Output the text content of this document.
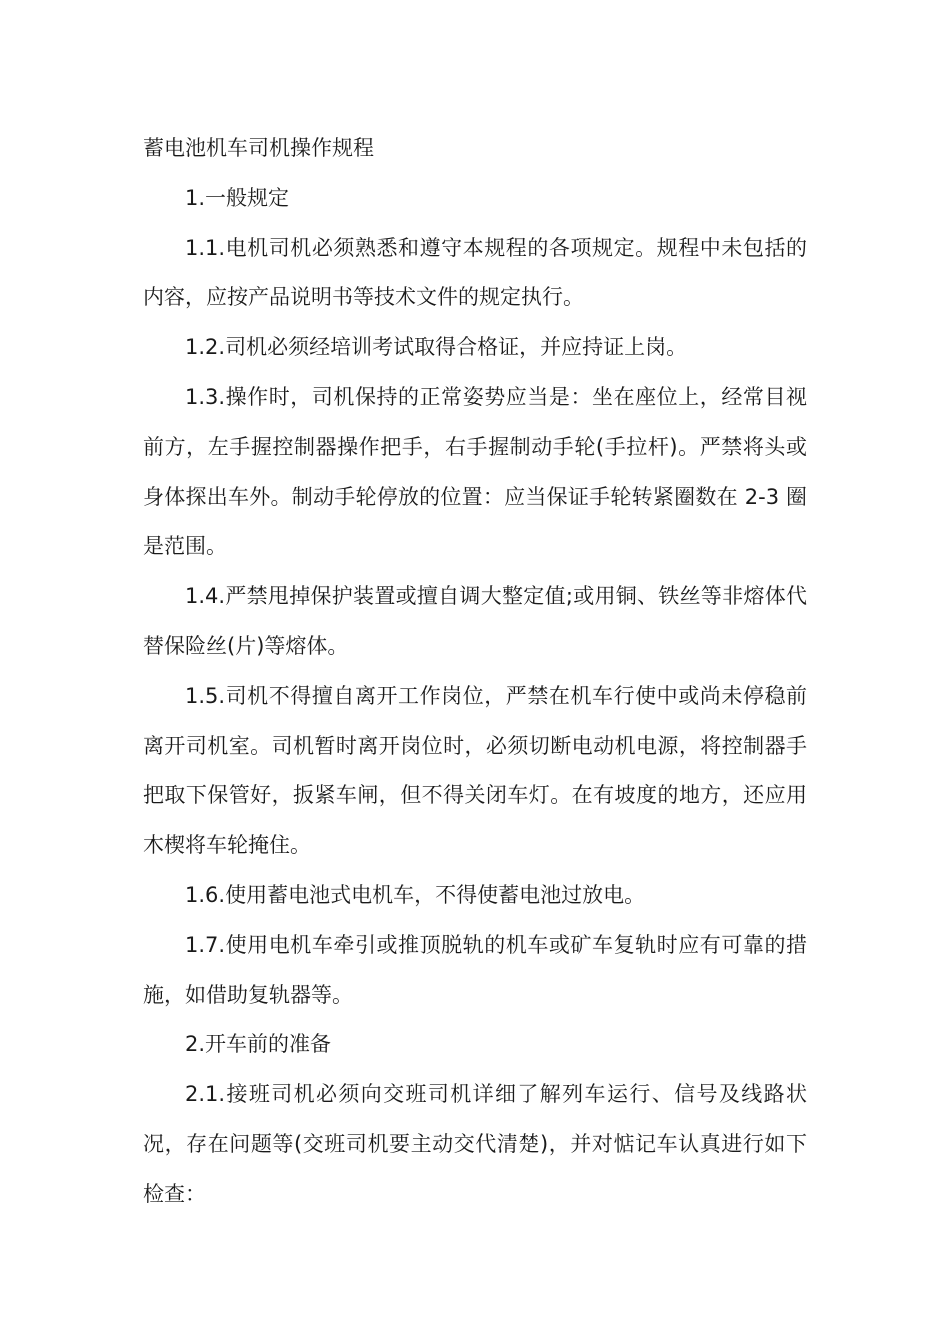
蓄电池机车司机操作规程

1.一般规定

1.1.电机司机必须熟悉和遵守本规程的各项规定。规程中未包括的内容，应按产品说明书等技术文件的规定执行。

1.2.司机必须经培训考试取得合格证，并应持证上岗。

1.3.操作时，司机保持的正常姿势应当是：坐在座位上，经常目视前方，左手握控制器操作把手，右手握制动手轮(手拉杆)。严禁将头或身体探出车外。制动手轮停放的位置：应当保证手轮转紧圈数在 2-3 圈是范围。

1.4.严禁甩掉保护装置或擅自调大整定值;或用铜、铁丝等非熔体代替保险丝(片)等熔体。

1.5.司机不得擅自离开工作岗位，严禁在机车行使中或尚未停稳前离开司机室。司机暂时离开岗位时，必须切断电动机电源，将控制器手把取下保管好，扳紧车闸，但不得关闭车灯。在有坡度的地方，还应用木楔将车轮掩住。

1.6.使用蓄电池式电机车，不得使蓄电池过放电。

1.7.使用电机车牵引或推顶脱轨的机车或矿车复轨时应有可靠的措施，如借助复轨器等。

2.开车前的准备

2.1.接班司机必须向交班司机详细了解列车运行、信号及线路状况，存在问题等(交班司机要主动交代清楚)，并对惦记车认真进行如下检查：
